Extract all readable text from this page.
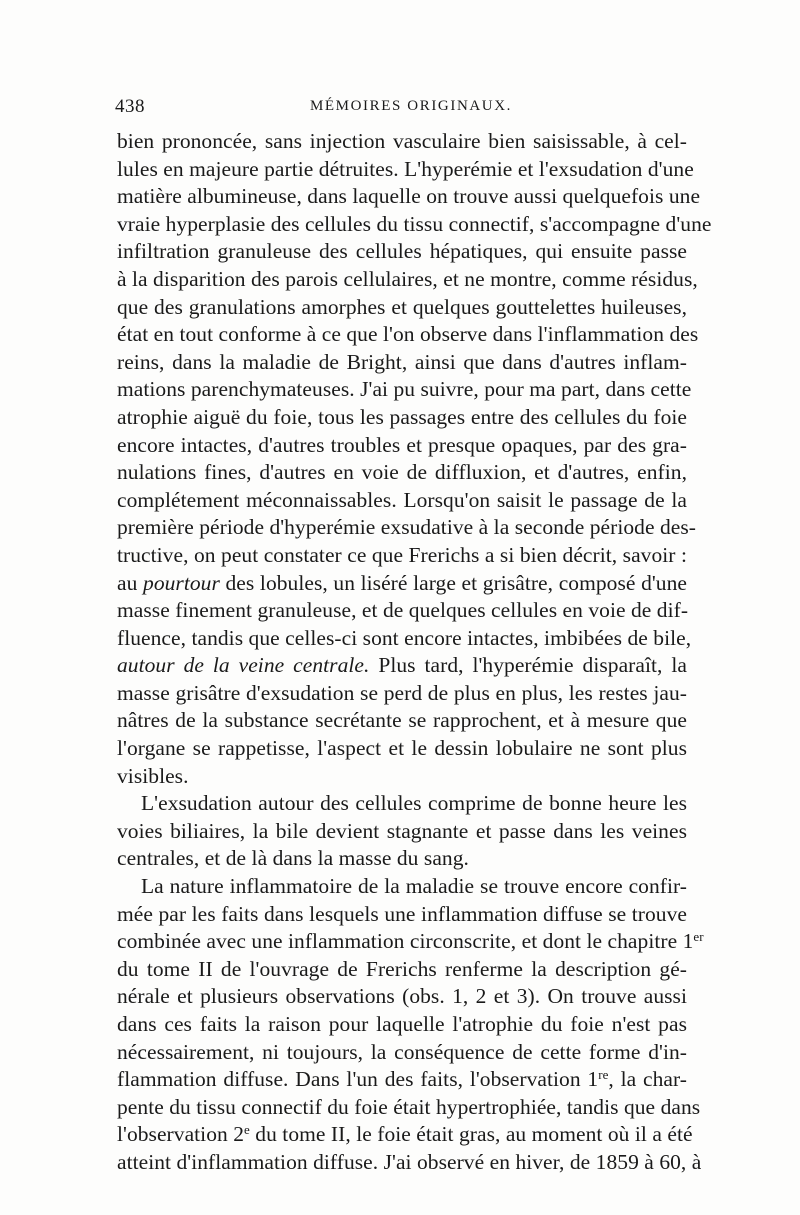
438	MÉMOIRES ORIGINAUX.
bien prononcée, sans injection vasculaire bien saisissable, à cel-
lules en majeure partie détruites. L'hyperémie et l'exsudation d'une
matière albumineuse, dans laquelle on trouve aussi quelquefois une
vraie hyperplasie des cellules du tissu connectif, s'accompagne d'une
infiltration granuleuse des cellules hépatiques, qui ensuite passe
à la disparition des parois cellulaires, et ne montre, comme résidus,
que des granulations amorphes et quelques gouttelettes huileuses,
état en tout conforme à ce que l'on observe dans l'inflammation des
reins, dans la maladie de Bright, ainsi que dans d'autres inflam-
mations parenchymateuses. J'ai pu suivre, pour ma part, dans cette
atrophie aiguë du foie, tous les passages entre des cellules du foie
encore intactes, d'autres troubles et presque opaques, par des gra-
nulations fines, d'autres en voie de diffluxion, et d'autres, enfin,
complétement méconnaissables. Lorsqu'on saisit le passage de la
première période d'hyperémie exsudative à la seconde période des-
tructive, on peut constater ce que Frerichs a si bien décrit, savoir :
au pourtour des lobules, un liséré large et grisâtre, composé d'une
masse finement granuleuse, et de quelques cellules en voie de dif-
fluence, tandis que celles-ci sont encore intactes, imbibées de bile,
autour de la veine centrale. Plus tard, l'hyperémie disparaît, la
masse grisâtre d'exsudation se perd de plus en plus, les restes jau-
nâtres de la substance secrétante se rapprochent, et à mesure que
l'organe se rappetisse, l'aspect et le dessin lobulaire ne sont plus
visibles.
L'exsudation autour des cellules comprime de bonne heure les
voies biliaires, la bile devient stagnante et passe dans les veines
centrales, et de là dans la masse du sang.
La nature inflammatoire de la maladie se trouve encore confir-
mée par les faits dans lesquels une inflammation diffuse se trouve
combinée avec une inflammation circonscrite, et dont le chapitre 1er
du tome II de l'ouvrage de Frerichs renferme la description gé-
nérale et plusieurs observations (obs. 1, 2 et 3). On trouve aussi
dans ces faits la raison pour laquelle l'atrophie du foie n'est pas
nécessairement, ni toujours, la conséquence de cette forme d'in-
flammation diffuse. Dans l'un des faits, l'observation 1re, la char-
pente du tissu connectif du foie était hypertrophiée, tandis que dans
l'observation 2e du tome II, le foie était gras, au moment où il a été
atteint d'inflammation diffuse. J'ai observé en hiver, de 1859 à 60, à
